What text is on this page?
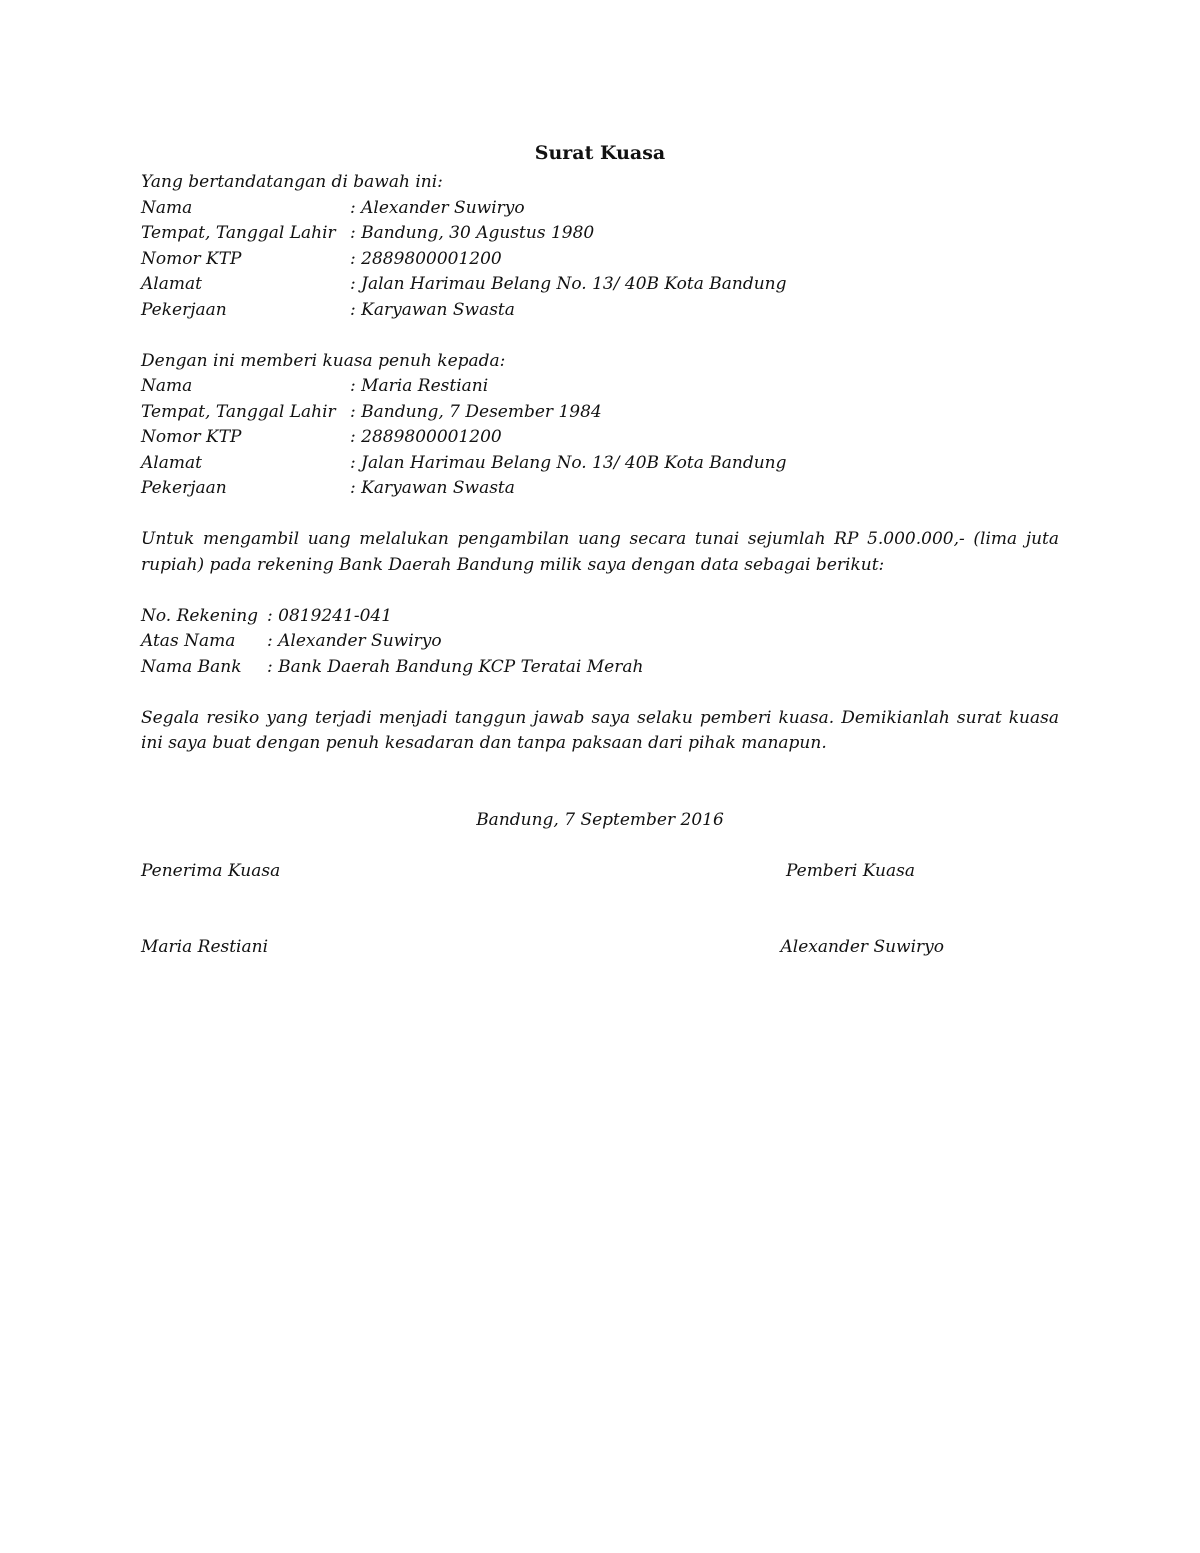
Surat Kuasa
Yang bertandatangan di bawah ini:
Nama	: Alexander Suwiryo
Tempat, Tanggal Lahir : Bandung, 30 Agustus 1980
Nomor KTP	: 2889800001200
Alamat	: Jalan Harimau Belang No. 13/ 40B Kota Bandung
Pekerjaan	: Karyawan Swasta
Dengan ini memberi kuasa penuh kepada:
Nama	: Maria Restiani
Tempat, Tanggal Lahir : Bandung, 7 Desember 1984
Nomor KTP	: 2889800001200
Alamat	: Jalan Harimau Belang No. 13/ 40B Kota Bandung
Pekerjaan	: Karyawan Swasta
Untuk mengambil uang melalukan pengambilan uang secara tunai sejumlah RP 5.000.000,- (lima juta rupiah) pada rekening Bank Daerah Bandung milik saya dengan data sebagai berikut:
No. Rekening : 0819241-041
Atas Nama	: Alexander Suwiryo
Nama Bank	: Bank Daerah Bandung KCP Teratai Merah
Segala resiko yang terjadi menjadi tanggun jawab saya selaku pemberi kuasa. Demikianlah surat kuasa ini saya buat dengan penuh kesadaran dan tanpa paksaan dari pihak manapun.
Bandung, 7 September 2016
Penerima Kuasa	Pemberi Kuasa
Maria Restiani	Alexander Suwiryo
